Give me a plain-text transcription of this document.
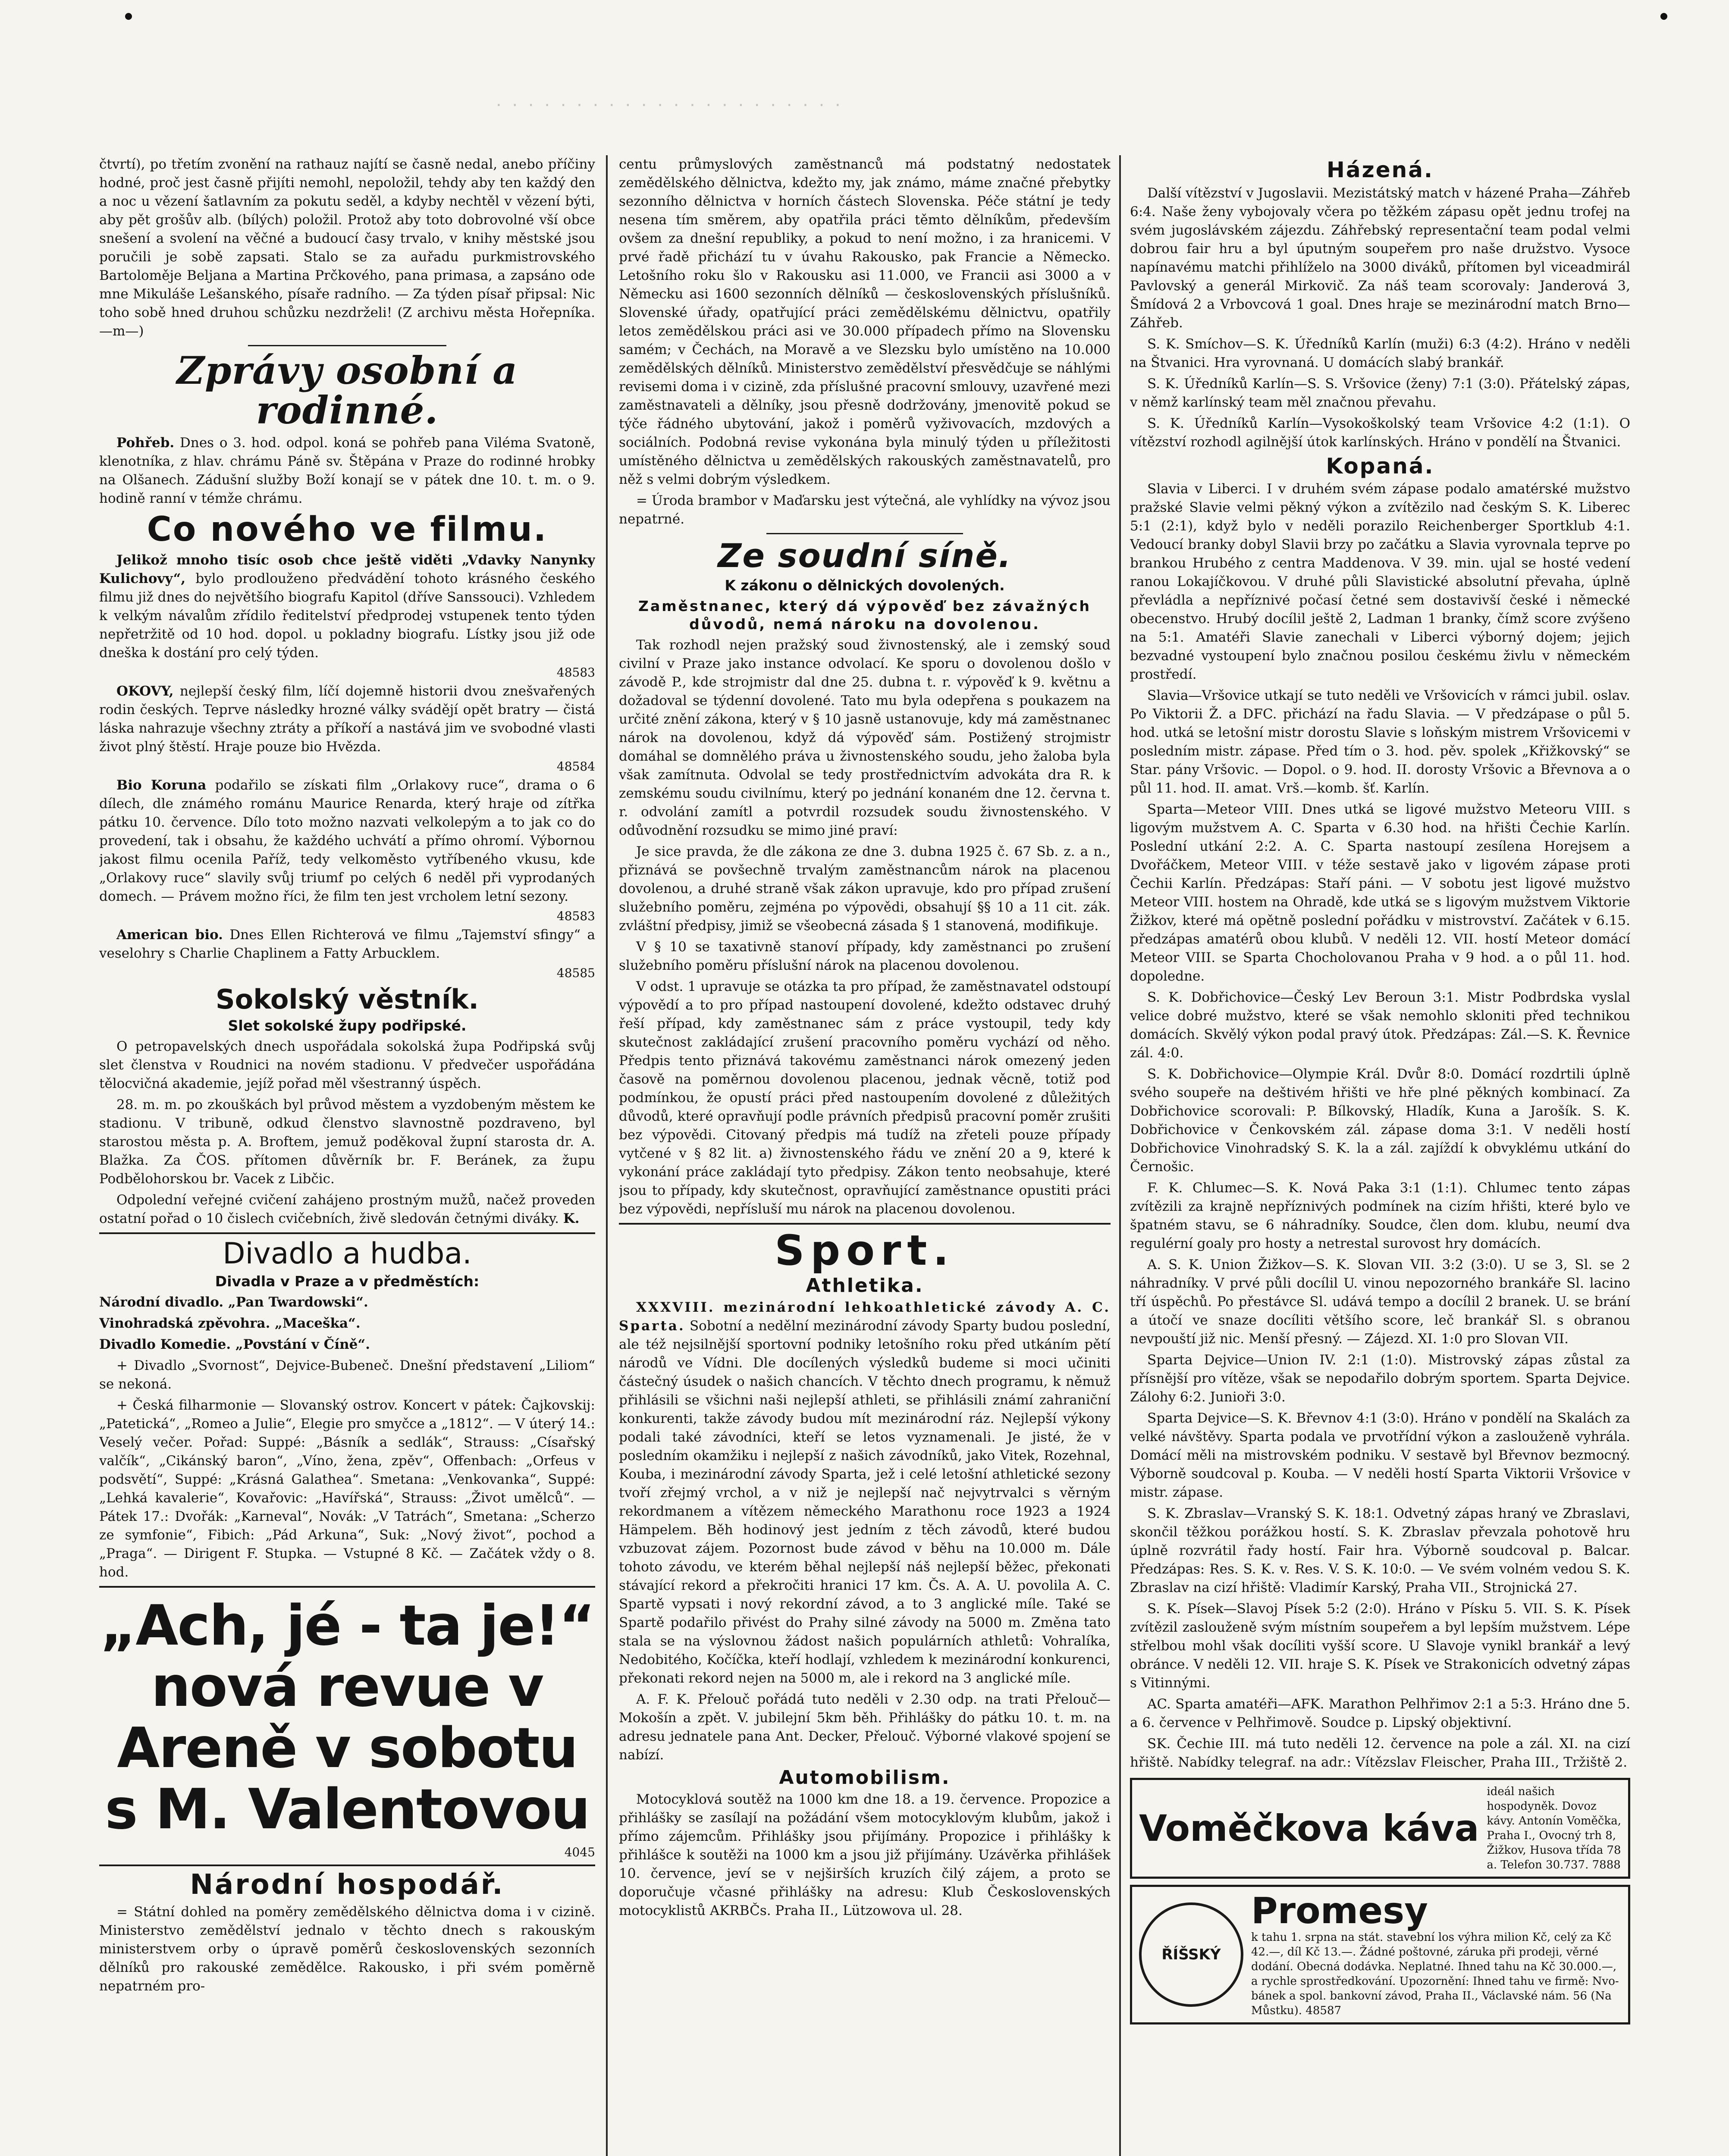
. . . . . . . . . . . . . . . . . . . . . .

čtvrtí), po třetím zvonění na rathauz najítí se časně nedal, anebo příčiny hodné, proč jest časně přijíti nemohl, nepoložil, tehdy aby ten každý den a noc u vězení šatlavním za pokutu seděl, a kdyby nechtěl v vězení býti, aby pět grošův alb. (bílých) položil. Protož aby toto dobrovolné vší obce snešení a svolení na věčné a budoucí časy trvalo, v knihy městské jsou poručili je sobě zapsati. Stalo se za auřadu purkmistrovského Bartoloměje Beljana a Martina Prčkového, pana primasa, a zapsáno ode mne Mikuláše Lešanského, písaře radního. — Za týden písař připsal: Nic toho sobě hned druhou schůzku nezdrželi! (Z archivu města Hořepníka. —m—)

Zprávy osobní a rodinné.

Pohřeb. Dnes o 3. hod. odpol. koná se pohřeb pana Viléma Svatoně, klenotníka, z hlav. chrámu Páně sv. Štěpána v Praze do rodinné hrobky na Olšanech. Zádušní služby Boží konají se v pátek dne 10. t. m. o 9. hodině ranní v témže chrámu.

Co nového ve filmu.

Jelikož mnoho tisíc osob chce ještě viděti „Vdavky Nanynky Kulichovy“, bylo prodlouženo předvádění tohoto krásného českého filmu již dnes do největšího biografu Kapitol (dříve Sanssouci). Vzhledem k velkým návalům zřídilo ředitelství předprodej vstupenek tento týden nepřetržitě od 10 hod. dopol. u pokladny biografu. Lístky jsou již ode dneška k dostání pro celý týden.

48583

OKOVY, nejlepší český film, líčí dojemně historii dvou znešvařených rodin českých. Teprve následky hrozné války svádějí opět bratry — čistá láska nahrazuje všechny ztráty a příkoří a nastává jim ve svobodné vlasti život plný štěstí. Hraje pouze bio Hvězda.

48584

Bio Koruna podařilo se získati film „Orlakovy ruce“, drama o 6 dílech, dle známého románu Maurice Renarda, který hraje od zítřka pátku 10. července. Dílo toto možno nazvati velkolepým a to jak co do provedení, tak i obsahu, že každého uchvátí a přímo ohromí. Výbornou jakost filmu ocenila Paříž, tedy velkoměsto vytříbeného vkusu, kde „Orlakovy ruce“ slavily svůj triumf po celých 6 neděl při vyprodaných domech. — Právem možno říci, že film ten jest vrcholem letní sezony.

48583

American bio. Dnes Ellen Richterová ve filmu „Tajemství sfingy“ a veselohry s Charlie Chaplinem a Fatty Arbucklem.

48585

Sokolský věstník.

Slet sokolské župy podřipské.

O petropavelských dnech uspořádala sokolská župa Podřipská svůj slet členstva v Roudnici na novém stadionu. V předvečer uspořádána tělocvičná akademie, jejíž pořad měl všestranný úspěch.

28. m. m. po zkouškách byl průvod městem a vyzdobeným městem ke stadionu. V tribuně, odkud členstvo slavnostně pozdraveno, byl starostou města p. A. Broftem, jemuž poděkoval župní starosta dr. A. Blažka. Za ČOS. přítomen důvěrník br. F. Beránek, za župu Podbělohorskou br. Vacek z Libčic.

Odpolední veřejné cvičení zahájeno prostným mužů, načež proveden ostatní pořad o 10 čislech cvičebních, živě sledován četnými diváky. K.

Divadlo a hudba.

Divadla v Praze a v předměstích:

Národní divadlo. „Pan Twardowski“.

Vinohradská zpěvohra. „Maceška“.

Divadlo Komedie. „Povstání v Číně“.

+ Divadlo „Svornost“, Dejvice-Bubeneč. Dnešní představení „Liliom“ se nekoná.

+ Česká filharmonie — Slovanský ostrov. Koncert v pátek: Čajkovskij: „Patetická“, „Romeo a Julie“, Elegie pro smyčce a „1812“. — V úterý 14.: Veselý večer. Pořad: Suppé: „Básník a sedlák“, Strauss: „Císařský valčík“, „Cikánský baron“, „Víno, žena, zpěv“, Offenbach: „Orfeus v podsvětí“, Suppé: „Krásná Galathea“. Smetana: „Venkovanka“, Suppé: „Lehká kavalerie“, Kovařovic: „Havířská“, Strauss: „Život umělců“. — Pátek 17.: Dvořák: „Karneval“, Novák: „V Tatrách“, Smetana: „Scherzo ze symfonie“, Fibich: „Pád Arkuna“, Suk: „Nový život“, pochod a „Praga“. — Dirigent F. Stupka. — Vstupné 8 Kč. — Začátek vždy o 8. hod.

„Ach, jé - ta je!“
nová revue v
Areně v sobotu
s M. Valentovou

4045

Národní hospodář.

= Státní dohled na poměry zemědělského dělnictva doma i v cizině. Ministerstvo zemědělství jednalo v těchto dnech s rakouským ministerstvem orby o úpravě poměrů československých sezonních dělníků pro rakouské zemědělce. Rakousko, i při svém poměrně nepatrném pro-

centu průmyslových zaměstnanců má podstatný nedostatek zemědělského dělnictva, kdežto my, jak známo, máme značné přebytky sezonního dělnictva v horních částech Slovenska. Péče státní je tedy nesena tím směrem, aby opatřila práci těmto dělníkům, především ovšem za dnešní republiky, a pokud to není možno, i za hranicemi. V prvé řadě přichází tu v úvahu Rakousko, pak Francie a Německo. Letošního roku šlo v Rakousku asi 11.000, ve Francii asi 3000 a v Německu asi 1600 sezonních dělníků — československých příslušníků. Slovenské úřady, opatřující práci zemědělskému dělnictvu, opatřily letos zemědělskou práci asi ve 30.000 případech přímo na Slovensku samém; v Čechách, na Moravě a ve Slezsku bylo umístěno na 10.000 zemědělských dělníků. Ministerstvo zemědělství přesvědčuje se náhlými revisemi doma i v cizině, zda příslušné pracovní smlouvy, uzavřené mezi zaměstnavateli a dělníky, jsou přesně dodržovány, jmenovitě pokud se týče řádného ubytování, jakož i poměrů vyživovacích, mzdových a sociálních. Podobná revise vykonána byla minulý týden u příležitosti umístěného dělnictva u zemědělských rakouských zaměstnavatelů, pro něž s velmi dobrým výsledkem.

= Úroda brambor v Maďarsku jest výtečná, ale vyhlídky na vývoz jsou nepatrné.

Ze soudní síně.

K zákonu o dělnických dovolených.

Zaměstnanec, který dá výpověď bez závažných důvodů, nemá nároku na dovolenou.

Tak rozhodl nejen pražský soud živnostenský, ale i zemský soud civilní v Praze jako instance odvolací. Ke sporu o dovolenou došlo v závodě P., kde strojmistr dal dne 25. dubna t. r. výpověď k 9. květnu a dožadoval se týdenní dovolené. Tato mu byla odepřena s poukazem na určité znění zákona, který v § 10 jasně ustanovuje, kdy má zaměstnanec nárok na dovolenou, když dá výpověď sám. Postižený strojmistr domáhal se domnělého práva u živnostenského soudu, jeho žaloba byla však zamítnuta. Odvolal se tedy prostřednictvím advokáta dra R. k zemskému soudu civilnímu, který po jednání konaném dne 12. června t. r. odvolání zamítl a potvrdil rozsudek soudu živnostenského. V odůvodnění rozsudku se mimo jiné praví:

Je sice pravda, že dle zákona ze dne 3. dubna 1925 č. 67 Sb. z. a n., přiznává se povšechně trvalým zaměstnancům nárok na placenou dovolenou, a druhé straně však zákon upravuje, kdo pro případ zrušení služebního poměru, zejména po výpovědi, obsahují §§ 10 a 11 cit. zák. zvláštní předpisy, jimiž se všeobecná zásada § 1 stanovená, modifikuje.

V § 10 se taxativně stanoví případy, kdy zaměstnanci po zrušení služebního poměru příslušní nárok na placenou dovolenou.

V odst. 1 upravuje se otázka ta pro případ, že zaměstnavatel odstoupí výpovědí a to pro případ nastoupení dovolené, kdežto odstavec druhý řeší případ, kdy zaměstnanec sám z práce vystoupil, tedy kdy skutečnost zakládající zrušení pracovního poměru vychází od něho. Předpis tento přiznává takovému zaměstnanci nárok omezený jeden časově na poměrnou dovolenou placenou, jednak věcně, totiž pod podmínkou, že opustí práci před nastoupením dovolené z důležitých důvodů, které opravňují podle právních předpisů pracovní poměr zrušiti bez výpovědi. Citovaný předpis má tudíž na zřeteli pouze případy vytčené v § 82 lit. a) živnostenského řádu ve znění 20 a 9, které k vykonání práce zakládají tyto předpisy. Zákon tento neobsahuje, které jsou to případy, kdy skutečnost, opravňující zaměstnance opustiti práci bez výpovědi, nepřísluší mu nárok na placenou dovolenou.

Sport.
Athletika.

XXXVIII. mezinárodní lehkoathletické závody A. C. Sparta. Sobotní a nedělní mezinárodní závody Sparty budou poslední, ale též nejsilnější sportovní podniky letošního roku před utkáním pětí národů ve Vídni. Dle docílených výsledků budeme si moci učiniti částečný úsudek o našich chancích. V těchto dnech programu, k němuž přihlásili se všichni naši nejlepší athleti, se přihlásili známí zahraniční konkurenti, takže závody budou mít mezinárodní ráz. Nejlepší výkony podali také závodníci, kteří se letos vyznamenali. Je jisté, že v posledním okamžiku i nejlepší z našich závodníků, jako Vitek, Rozehnal, Kouba, i mezinárodní závody Sparta, jež i celé letošní athletické sezony tvoří zřejmý vrchol, a v niž je nejlepší nač nejvytrvalci s věrným rekordmanem a vítězem německého Marathonu roce 1923 a 1924 Hämpelem. Běh hodinový jest jedním z těch závodů, které budou vzbuzovat zájem. Pozornost bude závod v běhu na 10.000 m. Dále tohoto závodu, ve kterém běhal nejlepší náš nejlepší běžec, překonati stávající rekord a překročiti hranici 17 km. Čs. A. A. U. povolila A. C. Spartě vypsati i nový rekordní závod, a to 3 anglické míle. Také se Spartě podařilo přivést do Prahy silné závody na 5000 m. Změna tato stala se na výslovnou žádost našich populárních athletů: Vohralíka, Nedobitého, Kočíčka, kteří hodlají, vzhledem k mezinárodní konkurenci, překonati rekord nejen na 5000 m, ale i rekord na 3 anglické míle.

A. F. K. Přelouč pořádá tuto neděli v 2.30 odp. na trati Přelouč—Mokošín a zpět. V. jubilejní 5km běh. Přihlášky do pátku 10. t. m. na adresu jednatele pana Ant. Decker, Přelouč. Výborné vlakové spojení se nabízí.

Automobilism.

Motocyklová soutěž na 1000 km dne 18. a 19. července. Propozice a přihlášky se zasílají na požádání všem motocyklovým klubům, jakož i přímo zájemcům. Přihlášky jsou přijímány. Propozice i přihlášky k přihlášce k soutěži na 1000 km a jsou již přijímány. Uzávěrka přihlášek 10. července, jeví se v nejširších kruzích čilý zájem, a proto se doporučuje včasné přihlášky na adresu: Klub Československých motocyklistů AKRBČs. Praha II., Lützowova ul. 28.

Házená.

Další vítězství v Jugoslavii. Mezistátský match v házené Praha—Záhřeb 6:4. Naše ženy vybojovaly včera po těžkém zápasu opět jednu trofej na svém jugoslávském zájezdu. Záhřebský representační team podal velmi dobrou fair hru a byl úputným soupeřem pro naše družstvo. Vysoce napínavému matchi přihlíželo na 3000 diváků, přítomen byl viceadmirál Pavlovský a generál Mirkovič. Za náš team scorovaly: Janderová 3, Šmídová 2 a Vrbovcová 1 goal. Dnes hraje se mezinárodní match Brno—Záhřeb.

S. K. Smíchov—S. K. Úředníků Karlín (muži) 6:3 (4:2). Hráno v neděli na Štvanici. Hra vyrovnaná. U domácích slabý brankář.

S. K. Úředníků Karlín—S. S. Vršovice (ženy) 7:1 (3:0). Přátelský zápas, v němž karlínský team měl značnou převahu.

S. K. Úředníků Karlín—Vysokoškolský team Vršovice 4:2 (1:1). O vítězství rozhodl agilnější útok karlínských. Hráno v pondělí na Štvanici.

Kopaná.

Slavia v Liberci. I v druhém svém zápase podalo amatérské mužstvo pražské Slavie velmi pěkný výkon a zvítězilo nad českým S. K. Liberec 5:1 (2:1), když bylo v neděli porazilo Reichenberger Sportklub 4:1. Vedoucí branky dobyl Slavii brzy po začátku a Slavia vyrovnala teprve po brankou Hrubého z centra Maddenova. V 39. min. ujal se hosté vedení ranou Lokajíčkovou. V druhé půli Slavistické absolutní převaha, úplně převládla a nepříznivé počasí četné sem dostavivší české i německé obecenstvo. Hrubý docílil ještě 2, Ladman 1 branky, čímž score zvýšeno na 5:1. Amatéři Slavie zanechali v Liberci výborný dojem; jejich bezvadné vystoupení bylo značnou posilou českému živlu v německém prostředí.

Slavia—Vršovice utkají se tuto neděli ve Vršovicích v rámci jubil. oslav. Po Viktorii Ž. a DFC. přichází na řadu Slavia. — V předzápase o půl 5. hod. utká se letošní mistr dorostu Slavie s loňským mistrem Vršovicemi v posledním mistr. zápase. Před tím o 3. hod. pěv. spolek „Křižkovský“ se Star. pány Vršovic. — Dopol. o 9. hod. II. dorosty Vršovic a Břevnova a o půl 11. hod. II. amat. Vrš.—komb. šť. Karlín.

Sparta—Meteor VIII. Dnes utká se ligové mužstvo Meteoru VIII. s ligovým mužstvem A. C. Sparta v 6.30 hod. na hřišti Čechie Karlín. Poslední utkání 2:2. A. C. Sparta nastoupí zesílena Horejsem a Dvořáčkem, Meteor VIII. v téže sestavě jako v ligovém zápase proti Čechii Karlín. Předzápas: Staří páni. — V sobotu jest ligové mužstvo Meteor VIII. hostem na Ohradě, kde utká se s ligovým mužstvem Viktorie Žižkov, které má opětně poslední pořádku v mistrovství. Začátek v 6.15. předzápas amatérů obou klubů. V neděli 12. VII. hostí Meteor domácí Meteor VIII. se Sparta Chocholovanou Praha v 9 hod. a o půl 11. hod. dopoledne.

S. K. Dobřichovice—Český Lev Beroun 3:1. Mistr Podbrdska vyslal velice dobré mužstvo, které se však nemohlo skloniti před technikou domácích. Skvělý výkon podal pravý útok. Předzápas: Zál.—S. K. Řevnice zál. 4:0.

S. K. Dobřichovice—Olympie Král. Dvůr 8:0. Domácí rozdrtili úplně svého soupeře na deštivém hřišti ve hře plné pěkných kombinací. Za Dobřichovice scorovali: P. Bílkovský, Hladík, Kuna a Jarošík. S. K. Dobřichovice v Čenkovském zál. zápase doma 3:1. V neděli hostí Dobřichovice Vinohradský S. K. la a zál. zajíždí k obvyklému utkání do Černošic.

F. K. Chlumec—S. K. Nová Paka 3:1 (1:1). Chlumec tento zápas zvítězili za krajně nepříznivých podmínek na cizím hřišti, které bylo ve špatném stavu, se 6 náhradníky. Soudce, člen dom. klubu, neumí dva regulérní goaly pro hosty a netrestal surovost hry domácích.

A. S. K. Union Žižkov—S. K. Slovan VII. 3:2 (3:0). U se 3, Sl. se 2 náhradníky. V prvé půli docílil U. vinou nepozorného brankáře Sl. lacino tří úspěchů. Po přestávce Sl. udává tempo a docílil 2 branek. U. se brání a útočí ve snaze docíliti většího score, leč brankář Sl. s obranou nevpouští již nic. Menší přesný. — Zájezd. XI. 1:0 pro Slovan VII.

Sparta Dejvice—Union IV. 2:1 (1:0). Mistrovský zápas zůstal za přísnější pro vítěze, však se nepodařilo dobrým sportem. Sparta Dejvice. Zálohy 6:2. Junioři 3:0.

Sparta Dejvice—S. K. Břevnov 4:1 (3:0). Hráno v pondělí na Skalách za velké návštěvy. Sparta podala ve prvotřídní výkon a zaslouženě vyhrála. Domácí měli na mistrovském podniku. V sestavě byl Břevnov bezmocný. Výborně soudcoval p. Kouba. — V neděli hostí Sparta Viktorii Vršovice v mistr. zápase.

S. K. Zbraslav—Vranský S. K. 18:1. Odvetný zápas hraný ve Zbraslavi, skončil těžkou porážkou hostí. S. K. Zbraslav převzala pohotově hru úplně rozvrátil řady hostí. Fair hra. Výborně soudcoval p. Balcar. Předzápas: Res. S. K. v. Res. V. S. K. 10:0. — Ve svém volném vedou S. K. Zbraslav na cizí hřiště: Vladimír Karský, Praha VII., Strojnická 27.

S. K. Písek—Slavoj Písek 5:2 (2:0). Hráno v Písku 5. VII. S. K. Písek zvítězil zaslouženě svým místním soupeřem a byl lepším mužstvem. Lépe střelbou mohl však docíliti vyšší score. U Slavoje vynikl brankář a levý obránce. V neděli 12. VII. hraje S. K. Písek ve Strakonicích odvetný zápas s Vitinnými.

AC. Sparta amatéři—AFK. Marathon Pelhřimov 2:1 a 5:3. Hráno dne 5. a 6. července v Pelhřimově. Soudce p. Lipský objektivní.

SK. Čechie III. má tuto neděli 12. července na pole a zál. XI. na cizí hřiště. Nabídky telegraf. na adr.: Vítězslav Fleischer, Praha III., Tržiště 2.

Voměčkova káva
ideál našich hospodyněk. Dovoz kávy. Antonín Voměčka, Praha I., Ovocný trh 8, Žižkov, Husova třída 78 a. Telefon 30.737. 7888
ŘÍŠSKÝ
Promesy
k tahu 1. srpna na stát. stavební los výhra milion Kč, celý za Kč 42.—, díl Kč 13.—. Žádné poštovné, záruka při prodeji, věrné dodání. Obecná dodávka. Neplatné. Ihned tahu na Kč 30.000.—, a rychle sprostředkování. Upozornění: Ihned tahu ve firmě: Nvo-bánek a spol. bankovní závod, Praha II., Václavské nám. 56 (Na Můstku). 48587
